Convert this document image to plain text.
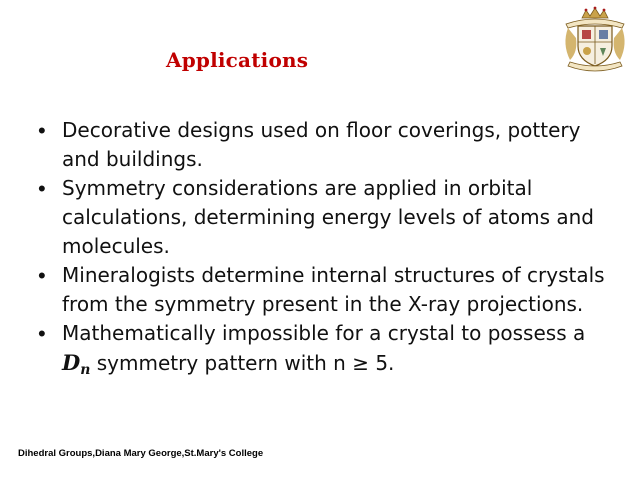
Applications
• Decorative designs used on floor coverings, pottery and buildings.
• Symmetry considerations are applied in orbital calculations, determining energy levels of atoms and molecules.
• Mineralogists determine internal structures of crystals from the symmetry present in the X-ray projections.
• Mathematically impossible for a crystal to possess a $D_n$ symmetry pattern with n ≥ 5.
Dihedral Groups,Diana Mary George,St.Mary's College
